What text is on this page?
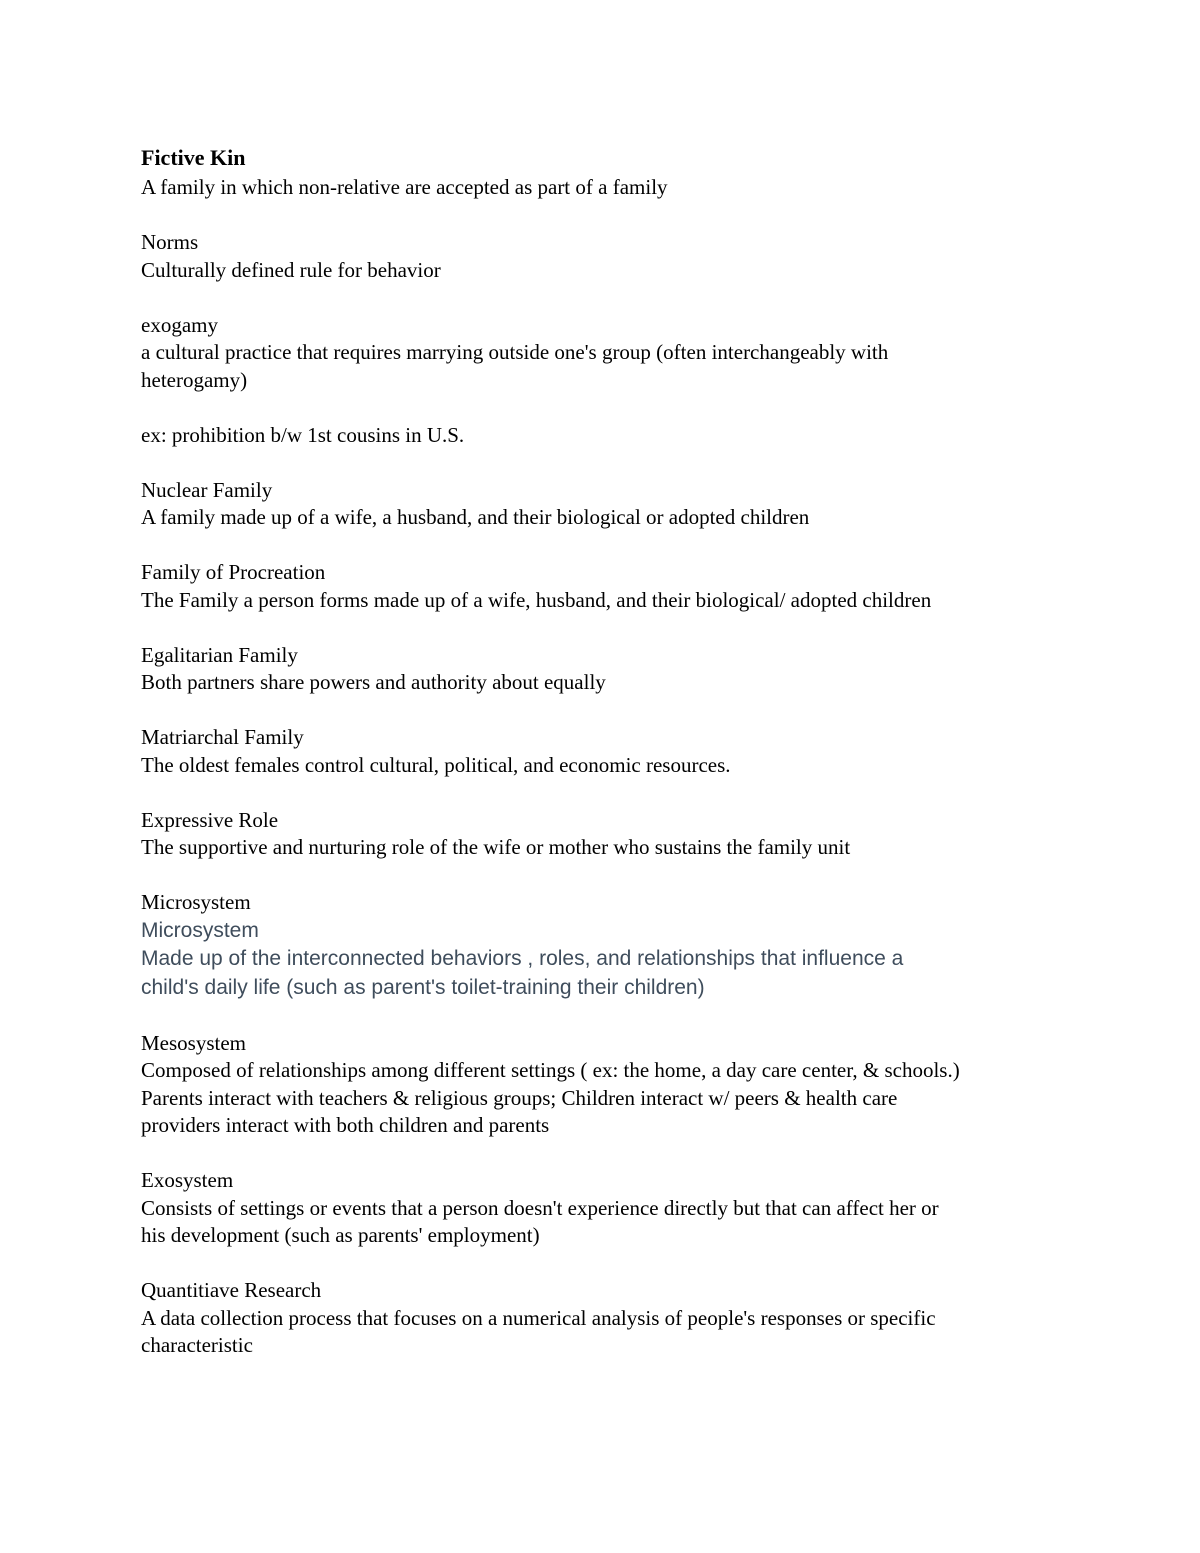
Fictive Kin
A family in which non-relative are accepted as part of a family
Norms
Culturally defined rule for behavior
exogamy
a cultural practice that requires marrying outside one's group (often interchangeably with
heterogamy)
ex: prohibition b/w 1st cousins in U.S.
Nuclear Family
A family made up of a wife, a husband, and their biological or adopted children
Family of Procreation
The Family a person forms made up of a wife, husband, and their biological/ adopted children
Egalitarian Family
Both partners share powers and authority about equally
Matriarchal Family
The oldest females control cultural, political, and economic resources.
Expressive Role
The supportive and nurturing role of the wife or mother who sustains the family unit
Microsystem
Microsystem
Made up of the interconnected behaviors , roles, and relationships that influence a
child's daily life (such as parent's toilet-training their children)
Mesosystem
Composed of relationships among different settings ( ex: the home, a day care center, & schools.)
Parents interact with teachers & religious groups; Children interact w/ peers & health care
providers interact with both children and parents
Exosystem
Consists of settings or events that a person doesn't experience directly but that can affect her or
his development (such as parents' employment)
Quantitiave Research
A data collection process that focuses on a numerical analysis of people's responses or specific
characteristic
